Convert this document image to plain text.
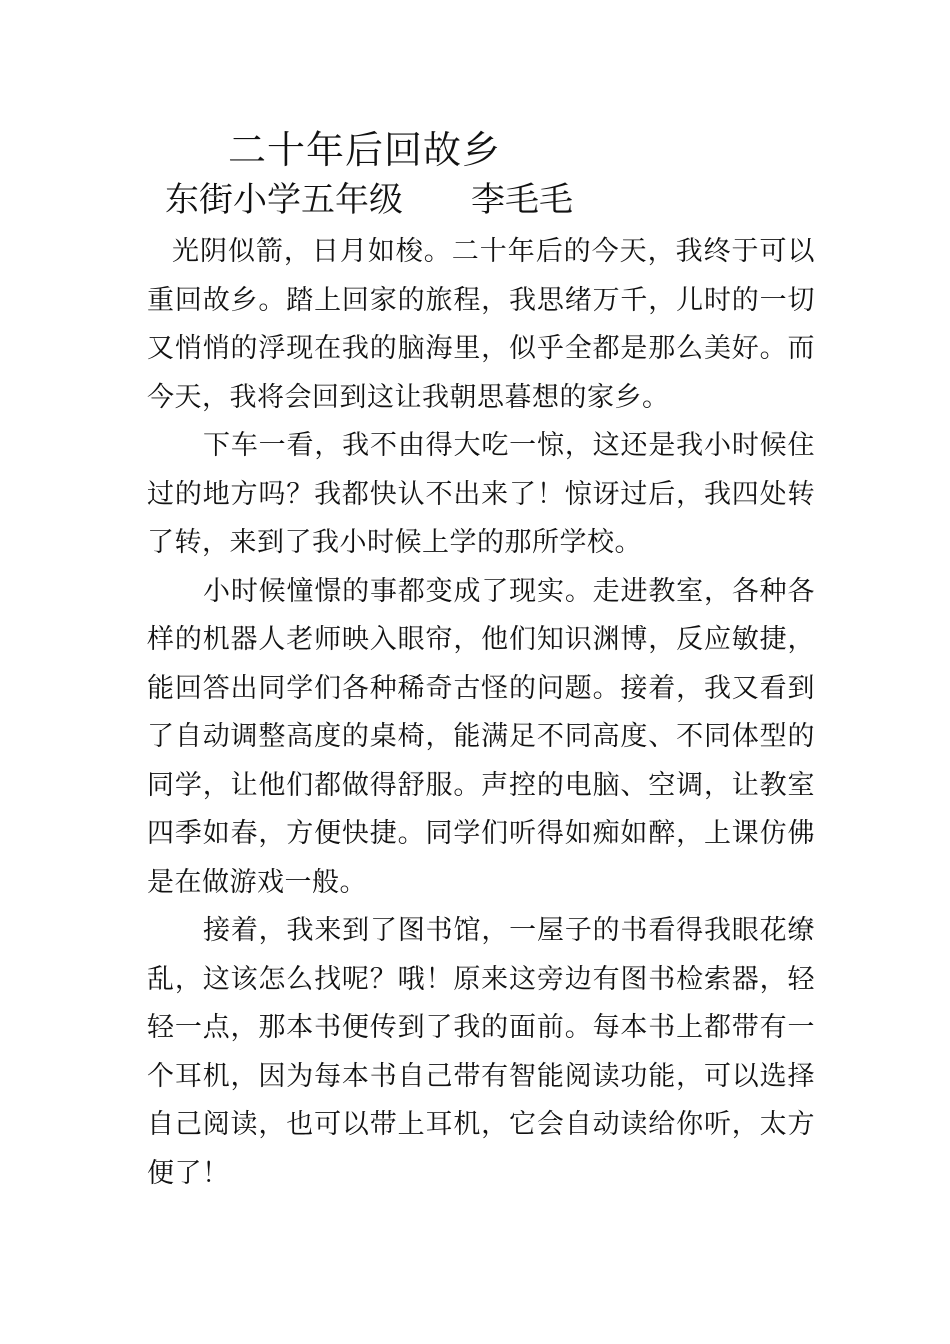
二十年后回故乡
东街小学五年级 李毛毛

光阴似箭，日月如梭。二十年后的今天，我终于可以重回故乡。踏上回家的旅程，我思绪万千，儿时的一切又悄悄的浮现在我的脑海里，似乎全都是那么美好。而今天，我将会回到这让我朝思暮想的家乡。

下车一看，我不由得大吃一惊，这还是我小时候住过的地方吗？我都快认不出来了！惊讶过后，我四处转了转，来到了我小时候上学的那所学校。

小时候憧憬的事都变成了现实。走进教室，各种各样的机器人老师映入眼帘，他们知识渊博，反应敏捷，能回答出同学们各种稀奇古怪的问题。接着，我又看到了自动调整高度的桌椅，能满足不同高度、不同体型的同学，让他们都做得舒服。声控的电脑、空调，让教室四季如春，方便快捷。同学们听得如痴如醉，上课仿佛是在做游戏一般。

接着，我来到了图书馆，一屋子的书看得我眼花缭乱，这该怎么找呢？哦！原来这旁边有图书检索器，轻轻一点，那本书便传到了我的面前。每本书上都带有一个耳机，因为每本书自己带有智能阅读功能，可以选择自己阅读，也可以带上耳机，它会自动读给你听，太方便了！
